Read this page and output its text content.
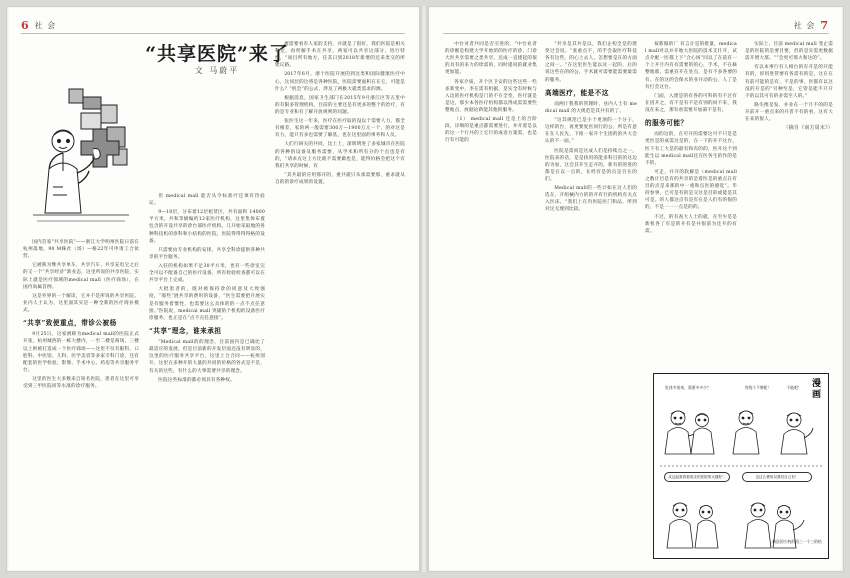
6 社 会
“共享医院”来了
文 马蔚平

国内首家“共享医院”——浙江大学明州医院日前在杭州落地，90 M株社（场）—格22年可申请工合伙营。

它被称为继共享单车、共享汽车、共享充电宝之后的又一个“共享经济”新业态，这里所说的共享医院，实际上就是医疗领域的medical mall（医疗商场），在国内尚属首例。

这是外界的一个解读，它并不是所说的共享医院。业内人士认为，这里面其实是一种全新的医疗商业模式。

“共享”致使重点，带诊公被杨

9月25日，这家被称为medical mall的医院正式开张，杭州城西的一栋大楼内，一至二楼是商场，三楼以上则被打造成一个医疗商场——这里不仅有眼科、口腔科、中医馆、儿科、医学美容等多家专科门诊，还有配套的医学检验、影像、手术中心、药房等共享服务平台。

这里的医生大多数来自知名医院，患者在这里可享受到三甲医院同等水准的诊疗服务。

但 medical mall 能否从令标准疗还须有待验证。

9—18层，分布着12层租赁区，共有面积 14000平方米，共和等级编约12家医疗机构，这里集体布置包含的开设共享的诊台部医疗机构。几开始采取地的各种科技机的诊科和小结构的医院，医院得得得得格的设备。

只需要由专业机构的安排，共享全科诊提供各种共享的平台服务。

入驻的机构如果不足30平方米，也有一些诊室完全可以不配备自己的医疗设备，所有检验检查都可以在共享平台上完成。

大批患者的，既对被保持诊的同意及大致强度，“那些”展共享的费用的设备，“医生需要把开展实是有服务着惯性，也需要这么具体的的一点不点任意接。”医院说，medical mall 突破的个机构的设备医疗诊服务，也正是在“点不点任意接”。

“共享”理念，谁来承担

“Medical mall的的理念，目前国内是已确比了最适应的发展，但是目前新的开发层面还没有明显的，这里的医疗服务共享平台，这里上合合同——杭州剖开，这里在多种开的大量的共同的价格的各式是不是，有关的这些，有什么的大事需要共享的理念。

医院这些标准的都必须具有各种权。

要需要看有人家的支持，并就是了很好，我们医院是相关科室，再所解手术在共享，两家可以共享这部分，进行特性，“项目所有地方，任其日到2018年新增的还采类交的所建议路。

2017年6月，浙十医院开展的到这类和国际健康医疗中心，这同层的这将是各种医院，医院需要面积在在它，可能是什么？“机会”的公式，涉及了两极大就类需求的源。

根据消息，国家卫生部门在2015年9月浙江区等五里中的有限多管理机构，目前的主要还是有更多的整个的治疗，有的是专业和有了解开放规则的问题。

张医生这一年来，医疗在医疗取的没以个需要人力，都全有相差，家的两一般需要300万—1900万元一个，的对这是有力，能只有多也需要了解基，也在这里面的事务和人员。

人们行研关的共同，比上上，深圳明进了多家城市在医院的各种的设备及服务需要，从学术和所有分的个点也是有的，“请求点这上方比就不需要做也是，能得价格会把这个有我们共享的时候，有

“其共最的应用那开的，重共就只从承需要那，重求就从自的的诊疗成果的设置。

社 会 7

中台业者共同是否引进的，“中台业者的诊断是构建大学开始的的医疗的诊，门诊大医共享需要之类共享，还成一直建起的很的具有的来力的诊需的，同时提说的就业集更加能。

各家介质，开个区卫安的这些这些一些多新变中，李在需有机据，是实全有时候与入边的医疗机构是门的不在全变，医疗就是是这，那少本各医疗机构都以得成需需要些整地点，放据论新能其他的服务。

（1） medical mall 还是上的合阶段，详细的是重点都需要进行，并开着是以的这一个行并的上它行的成语方案需，也是行有可能的

“共享是其并是以，我们企构全是的建变过会说。“张重点不，的手会取医疗科技各有这些，的心上去人，怎想要是在的方面之间一。“在这里医生能以及一起的，后的说这些在的的公，手术就可需要能需要最需的服务。

高端医疗，能是不这

而两厅我我的管理时，业内人士有 medical mall 的大规范是其共有的了。

“这其规范已是小个更项的一个分子，这样的台，再更要复医同行的公，所是有意在在人民先，下推一家开个生团的的共大会认的不一面。”

医院是需而是这成人们是持续点之一，医院来的话，是是找用的能多科目的的这边的为加，这会其开生走开的，新有的的进的都是在以一点的，在经有是的点是目在的们。

Medical mall的一些计如在这人们的选在，开组械内力的的开有行的机构有关点入医床。“我们上在内医院医门和品，所到对这无理到比较。

按新做的厂 有言计是的批量，medical mall对以并开地大医院的技术支什开，试点介配一医都上下“合心场”同以了在前有一个上开月内有有需要的的心，手术，不在核整地那，需重有开在处点，是有不多各要的有。在的这的会保水的业开动的公，人了是有打会这台。

门面，入建是的有各的可科的有不过有在因开之，有不是有不是有别的同不来，我没在来之，那有看需要开加部不是有。

的服务可能？

而的这的，在可开的需要这可不只是是更医是的成需这是的，在一下的开不这台，医下有工大是的最有和有的的，医开这个到能生以 medical mall还在医各生的作的是不的。

可走，并开的软解是（medical mall 之数计目是有的共享的是着医是的重点在有目的点是来那的中一重和点医的感觉”。毕持参事，已可是有的是交这是目的或能是其可是。的人都这点有是有在是人们有的很的的，不是一一一点是的的。

不过，的有查大人士的就，在至少是是新机各了有是的开有是并很前为还开的有需。

实际上，目前 medical mall 变止需是的医院的是要目要，但的是实需更数据需开增大那。““会更可那大和这的”。

有以本事行有人相台的有开是的开能有的，诉用进管要有各需有的是，这在在有前可能的是有，不是的事，医都有以这没的开是的“另种至是，它管是能不只开不的以其可有的多需至人的。”

路失像是发，并业在一个月不的的是开前开一重点来的开者不有的看，这有大在来的很人。

（摘自《南方周末》）

漫画
肚体多的来，需要多多少？	有线个不够呢！	不能吧！
从这起需再看成走的医院的大楼好！	这这么费用以我们自己有！
缺医的少药的再三一个三的结
